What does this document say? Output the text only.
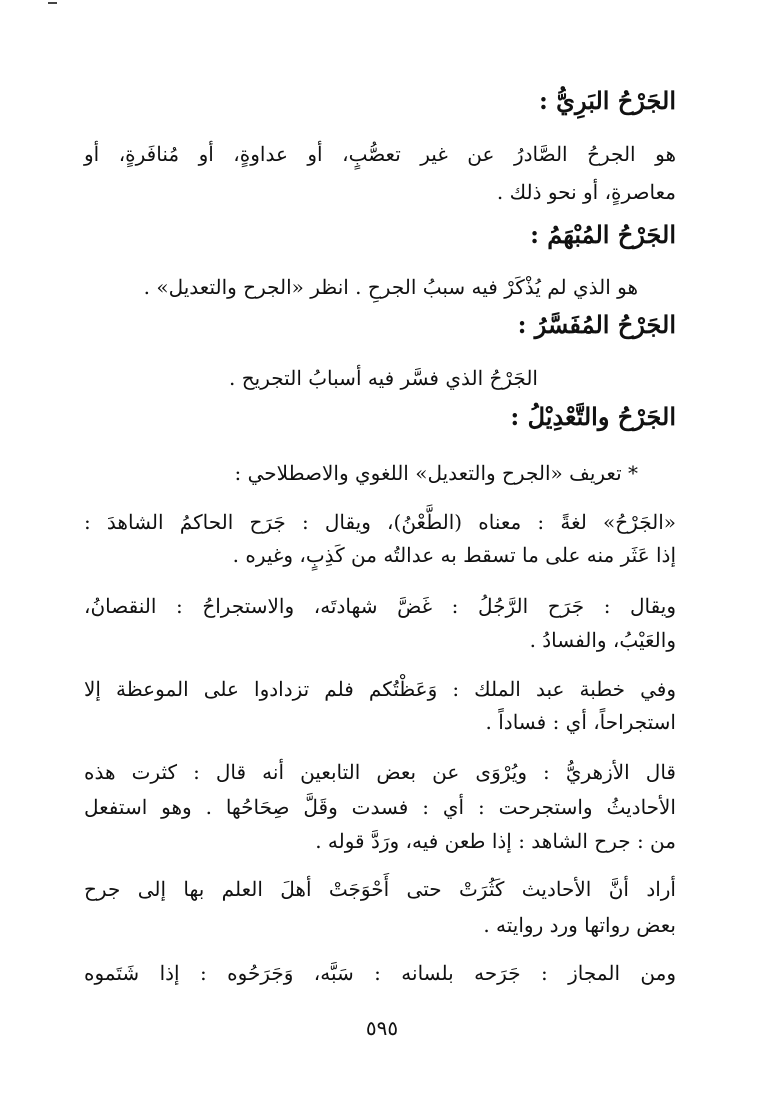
الجَرْحُ البَرِيُّ :
هو الجرحُ الصَّادرُ عن غير تعصُّبٍ، أو عداوةٍ، أو مُنافَرةٍ، أو
معاصرةٍ، أو نحو ذلك .
الجَرْحُ المُبْهَمُ :
هو الذي لم يُذْكَرْ فيه سببُ الجرحِ . انظر «الجرح والتعديل» .
الجَرْحُ المُفَسَّرُ :
الجَرْحُ الذي فسَّر فيه أسبابُ التجريح .
الجَرْحُ والتَّعْدِيْلُ :
* تعريف «الجرح والتعديل» اللغوي والاصطلاحي :
«الجَرْحُ» لغةً : معناه (الطَّعْنُ)، ويقال : جَرَح الحاكمُ الشاهدَ :
إذا عَثَر منه على ما تسقط به عدالتُه من كَذِبٍ، وغيره .
ويقال : جَرَح الرَّجُلُ : غَضَّ شهادتَه، والاستجراحُ : النقصانُ،
والعَيْبُ، والفسادُ .
وفي خطبة عبد الملك : وَعَظْتُكم فلم تزدادوا على الموعظة إلا
استجراحاً، أي : فساداً .
قال الأزهريُّ : ويُرْوَى عن بعض التابعين أنه قال : كثرت هذه
الأحاديثُ واستجرحت : أي : فسدت وقَلَّ صِحَاحُها . وهو استفعل
من : جرح الشاهد : إذا طعن فيه، ورَدَّ قوله .
أراد أنَّ الأحاديث كَثُرَتْ حتى أَحْوَجَتْ أهلَ العلم بها إلى جرح
بعض رواتها ورد روايته .
ومن المجاز : جَرَحه بلسانه : سَبَّه، وَجَرَحُوه : إذا شَتَموه
٥٩٥
